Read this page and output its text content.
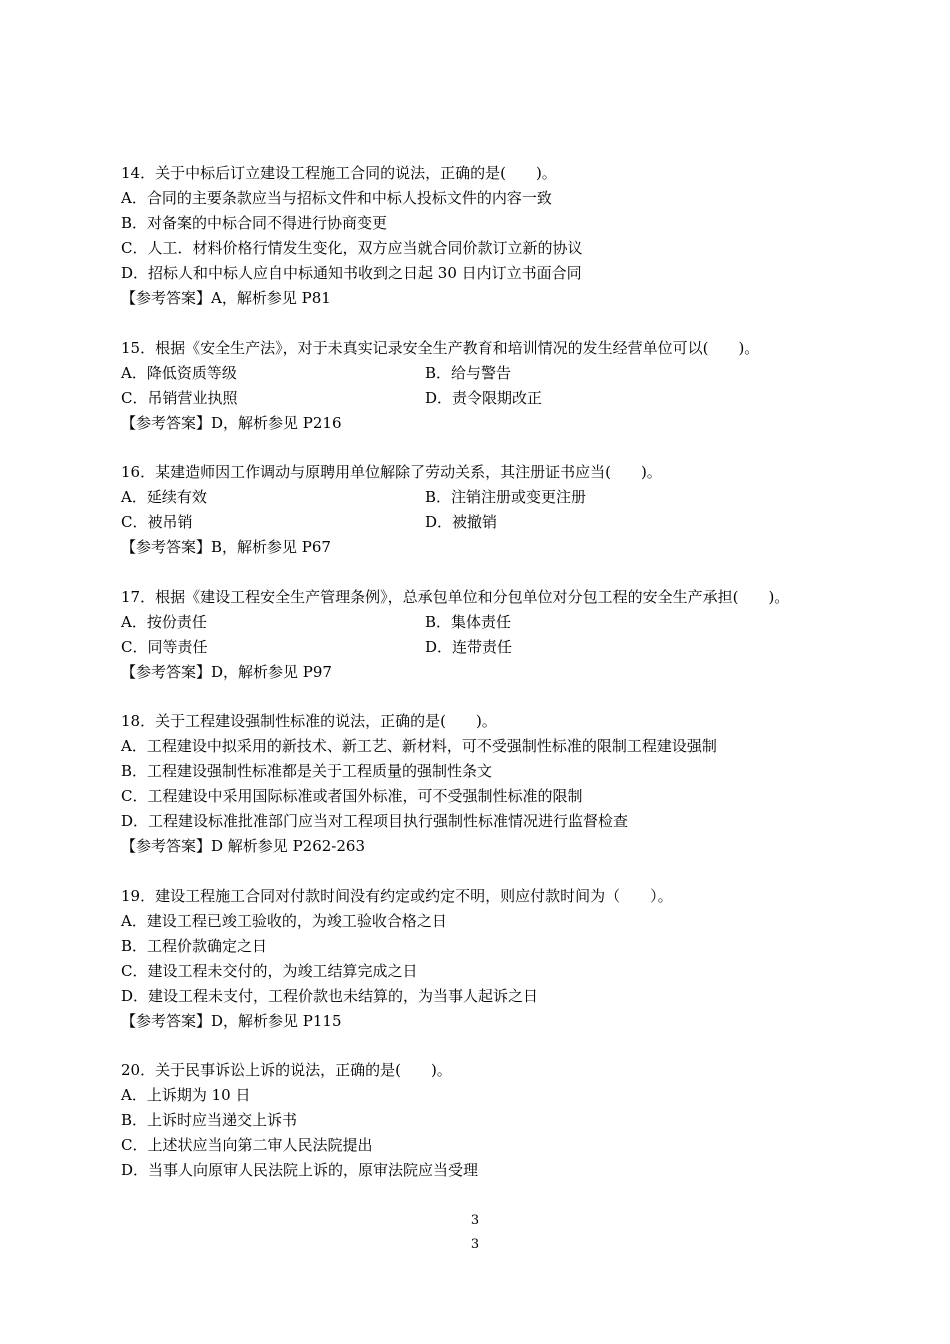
14．关于中标后订立建设工程施工合同的说法，正确的是(　　)。
A．合同的主要条款应当与招标文件和中标人投标文件的内容一致
B．对备案的中标合同不得进行协商变更
C．人工．材料价格行情发生变化，双方应当就合同价款订立新的协议
D．招标人和中标人应自中标通知书收到之日起 30 日内订立书面合同
【参考答案】A，解析参见 P81
15．根据《安全生产法》，对于未真实记录安全生产教育和培训情况的发生经营单位可以(　　)。
A．降低资质等级	B．给与警告
C．吊销营业执照	D．责令限期改正
【参考答案】D，解析参见 P216
16．某建造师因工作调动与原聘用单位解除了劳动关系，其注册证书应当(　　)。
A．延续有效	B．注销注册或变更注册
C．被吊销	D．被撤销
【参考答案】B，解析参见 P67
17．根据《建设工程安全生产管理条例》，总承包单位和分包单位对分包工程的安全生产承担(　　)。
A．按份责任	B．集体责任
C．同等责任	D．连带责任
【参考答案】D，解析参见 P97
18．关于工程建设强制性标准的说法，正确的是(　　)。
A．工程建设中拟采用的新技术、新工艺、新材料，可不受强制性标准的限制工程建设强制
B．工程建设强制性标准都是关于工程质量的强制性条文
C．工程建设中采用国际标准或者国外标准，可不受强制性标准的限制
D．工程建设标准批准部门应当对工程项目执行强制性标准情况进行监督检查
【参考答案】D 解析参见 P262-263
19．建设工程施工合同对付款时间没有约定或约定不明，则应付款时间为（　　）。
A．建设工程已竣工验收的，为竣工验收合格之日
B．工程价款确定之日
C．建设工程未交付的，为竣工结算完成之日
D．建设工程未支付，工程价款也未结算的，为当事人起诉之日
【参考答案】D，解析参见 P115
20．关于民事诉讼上诉的说法，正确的是(　　)。
A．上诉期为 10 日
B．上诉时应当递交上诉书
C．上述状应当向第二审人民法院提出
D．当事人向原审人民法院上诉的，原审法院应当受理
3
3
